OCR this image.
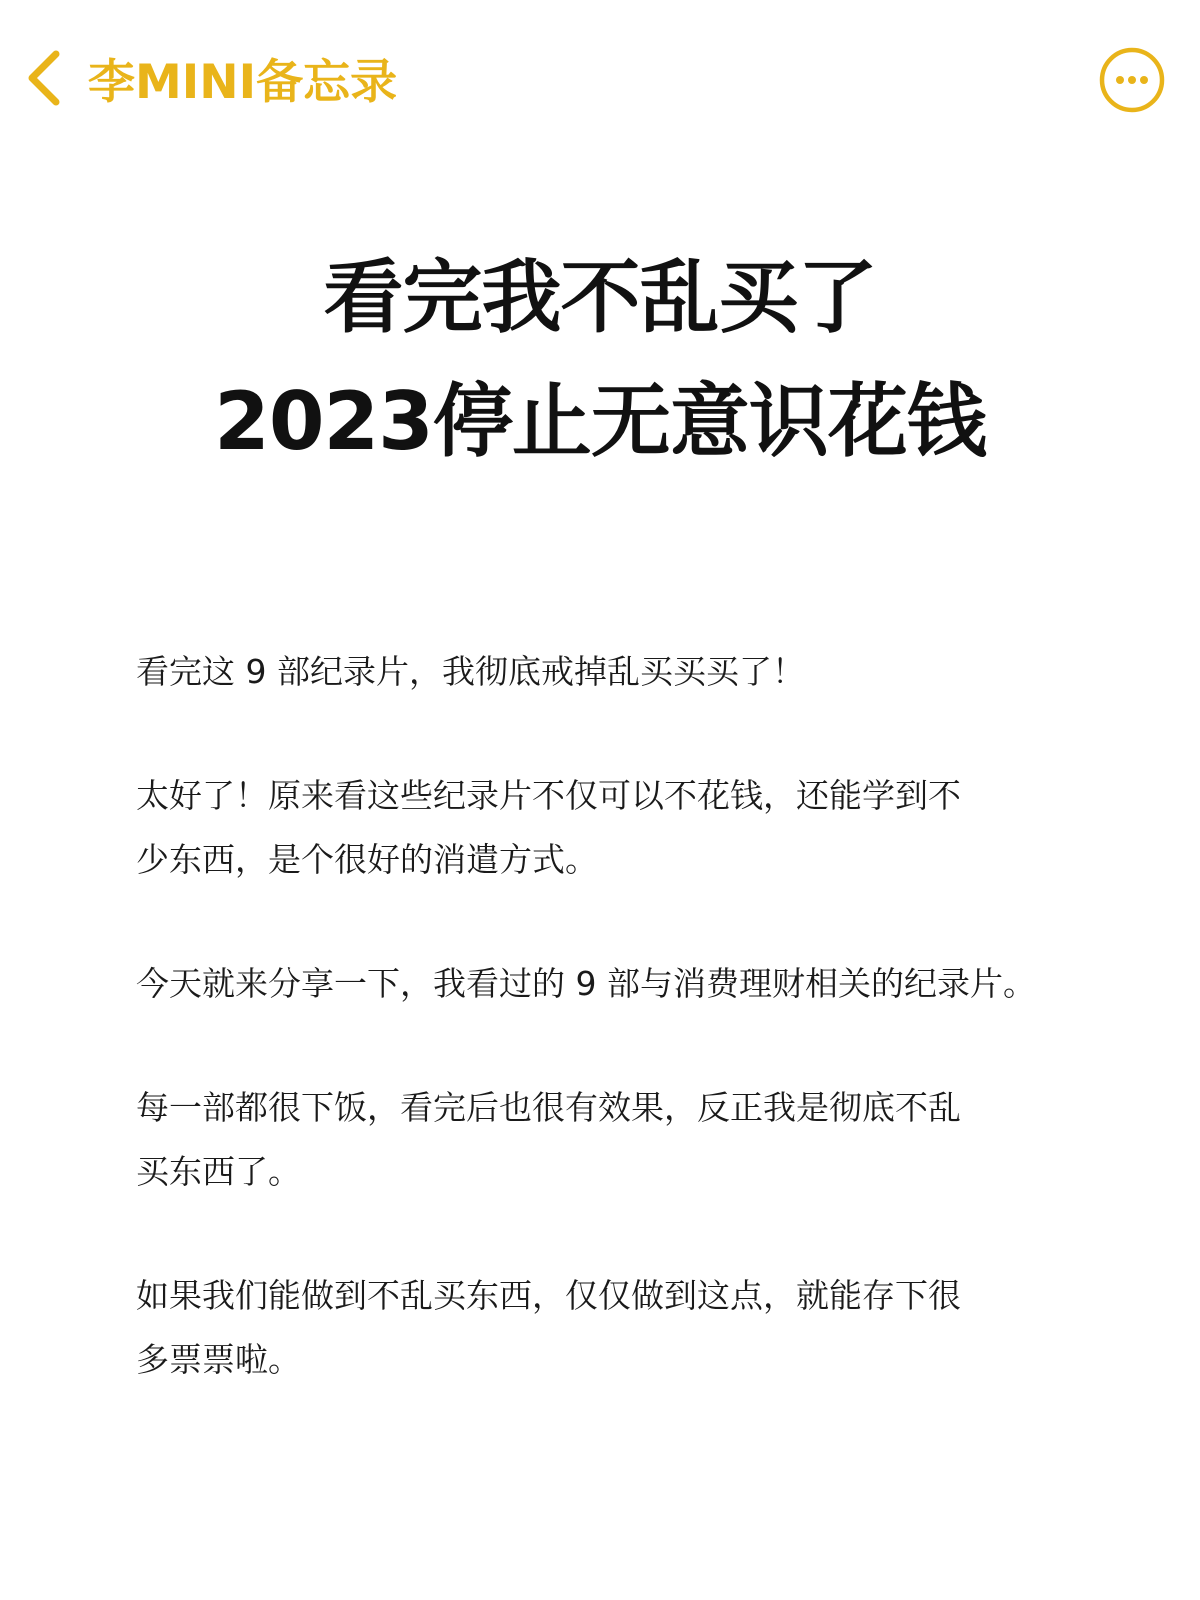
李MINI备忘录
看完我不乱买了
2023停止无意识花钱

看完这 9 部纪录片，我彻底戒掉乱买买买了！

太好了！原来看这些纪录片不仅可以不花钱，还能学到不
少东西，是个很好的消遣方式。

今天就来分享一下，我看过的 9 部与消费理财相关的纪录片。

每一部都很下饭，看完后也很有效果，反正我是彻底不乱
买东西了。

如果我们能做到不乱买东西，仅仅做到这点，就能存下很
多票票啦。
